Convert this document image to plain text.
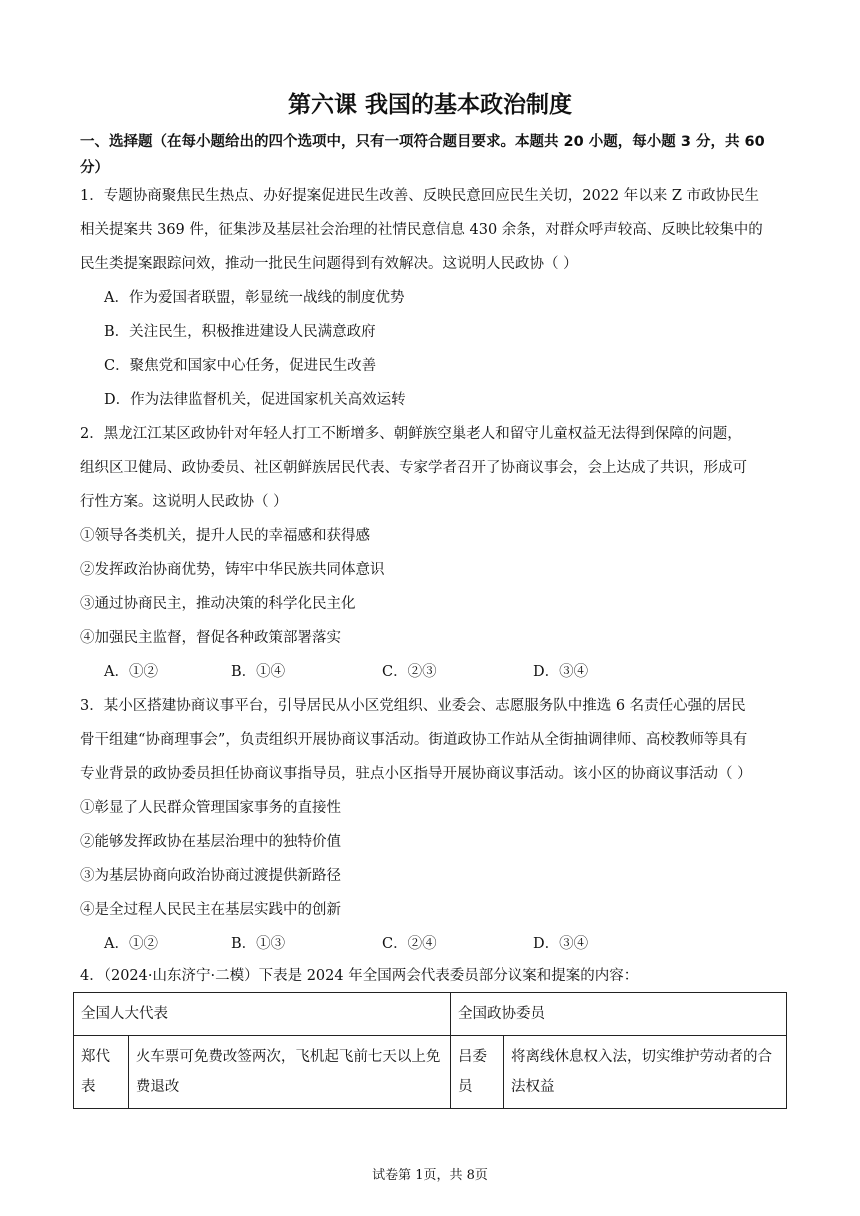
第六课 我国的基本政治制度
一、选择题（在每小题给出的四个选项中，只有一项符合题目要求。本题共 20 小题，每小题 3 分，共 60
分）
1．专题协商聚焦民生热点、办好提案促进民生改善、反映民意回应民生关切，2022 年以来 Z 市政协民生
相关提案共 369 件，征集涉及基层社会治理的社情民意信息 430 余条，对群众呼声较高、反映比较集中的
民生类提案跟踪问效，推动一批民生问题得到有效解决。这说明人民政协（ ）
A．作为爱国者联盟，彰显统一战线的制度优势
B．关注民生，积极推进建设人民满意政府
C．聚焦党和国家中心任务，促进民生改善
D．作为法律监督机关，促进国家机关高效运转
2．黑龙江江某区政协针对年轻人打工不断增多、朝鲜族空巢老人和留守儿童权益无法得到保障的问题，
组织区卫健局、政协委员、社区朝鲜族居民代表、专家学者召开了协商议事会，会上达成了共识，形成可
行性方案。这说明人民政协（ ）
①领导各类机关，提升人民的幸福感和获得感
②发挥政治协商优势，铸牢中华民族共同体意识
③通过协商民主，推动决策的科学化民主化
④加强民主监督，督促各种政策部署落实
A．①②	B．①④	C．②③	D．③④
3．某小区搭建协商议事平台，引导居民从小区党组织、业委会、志愿服务队中推选 6 名责任心强的居民
骨干组建“协商理事会”，负责组织开展协商议事活动。街道政协工作站从全街抽调律师、高校教师等具有
专业背景的政协委员担任协商议事指导员，驻点小区指导开展协商议事活动。该小区的协商议事活动（ ）
①彰显了人民群众管理国家事务的直接性
②能够发挥政协在基层治理中的独特价值
③为基层协商向政治协商过渡提供新路径
④是全过程人民民主在基层实践中的创新
A．①②	B．①③	C．②④	D．③④
4．（2024·山东济宁·二模）下表是 2024 年全国两会代表委员部分议案和提案的内容：
全国人大代表		全国政协委员	
郑代表	火车票可免费改签两次，飞机起飞前七天以上免费退改	吕委员	将离线休息权入法，切实维护劳动者的合法权益
试卷第 1页，共 8页
